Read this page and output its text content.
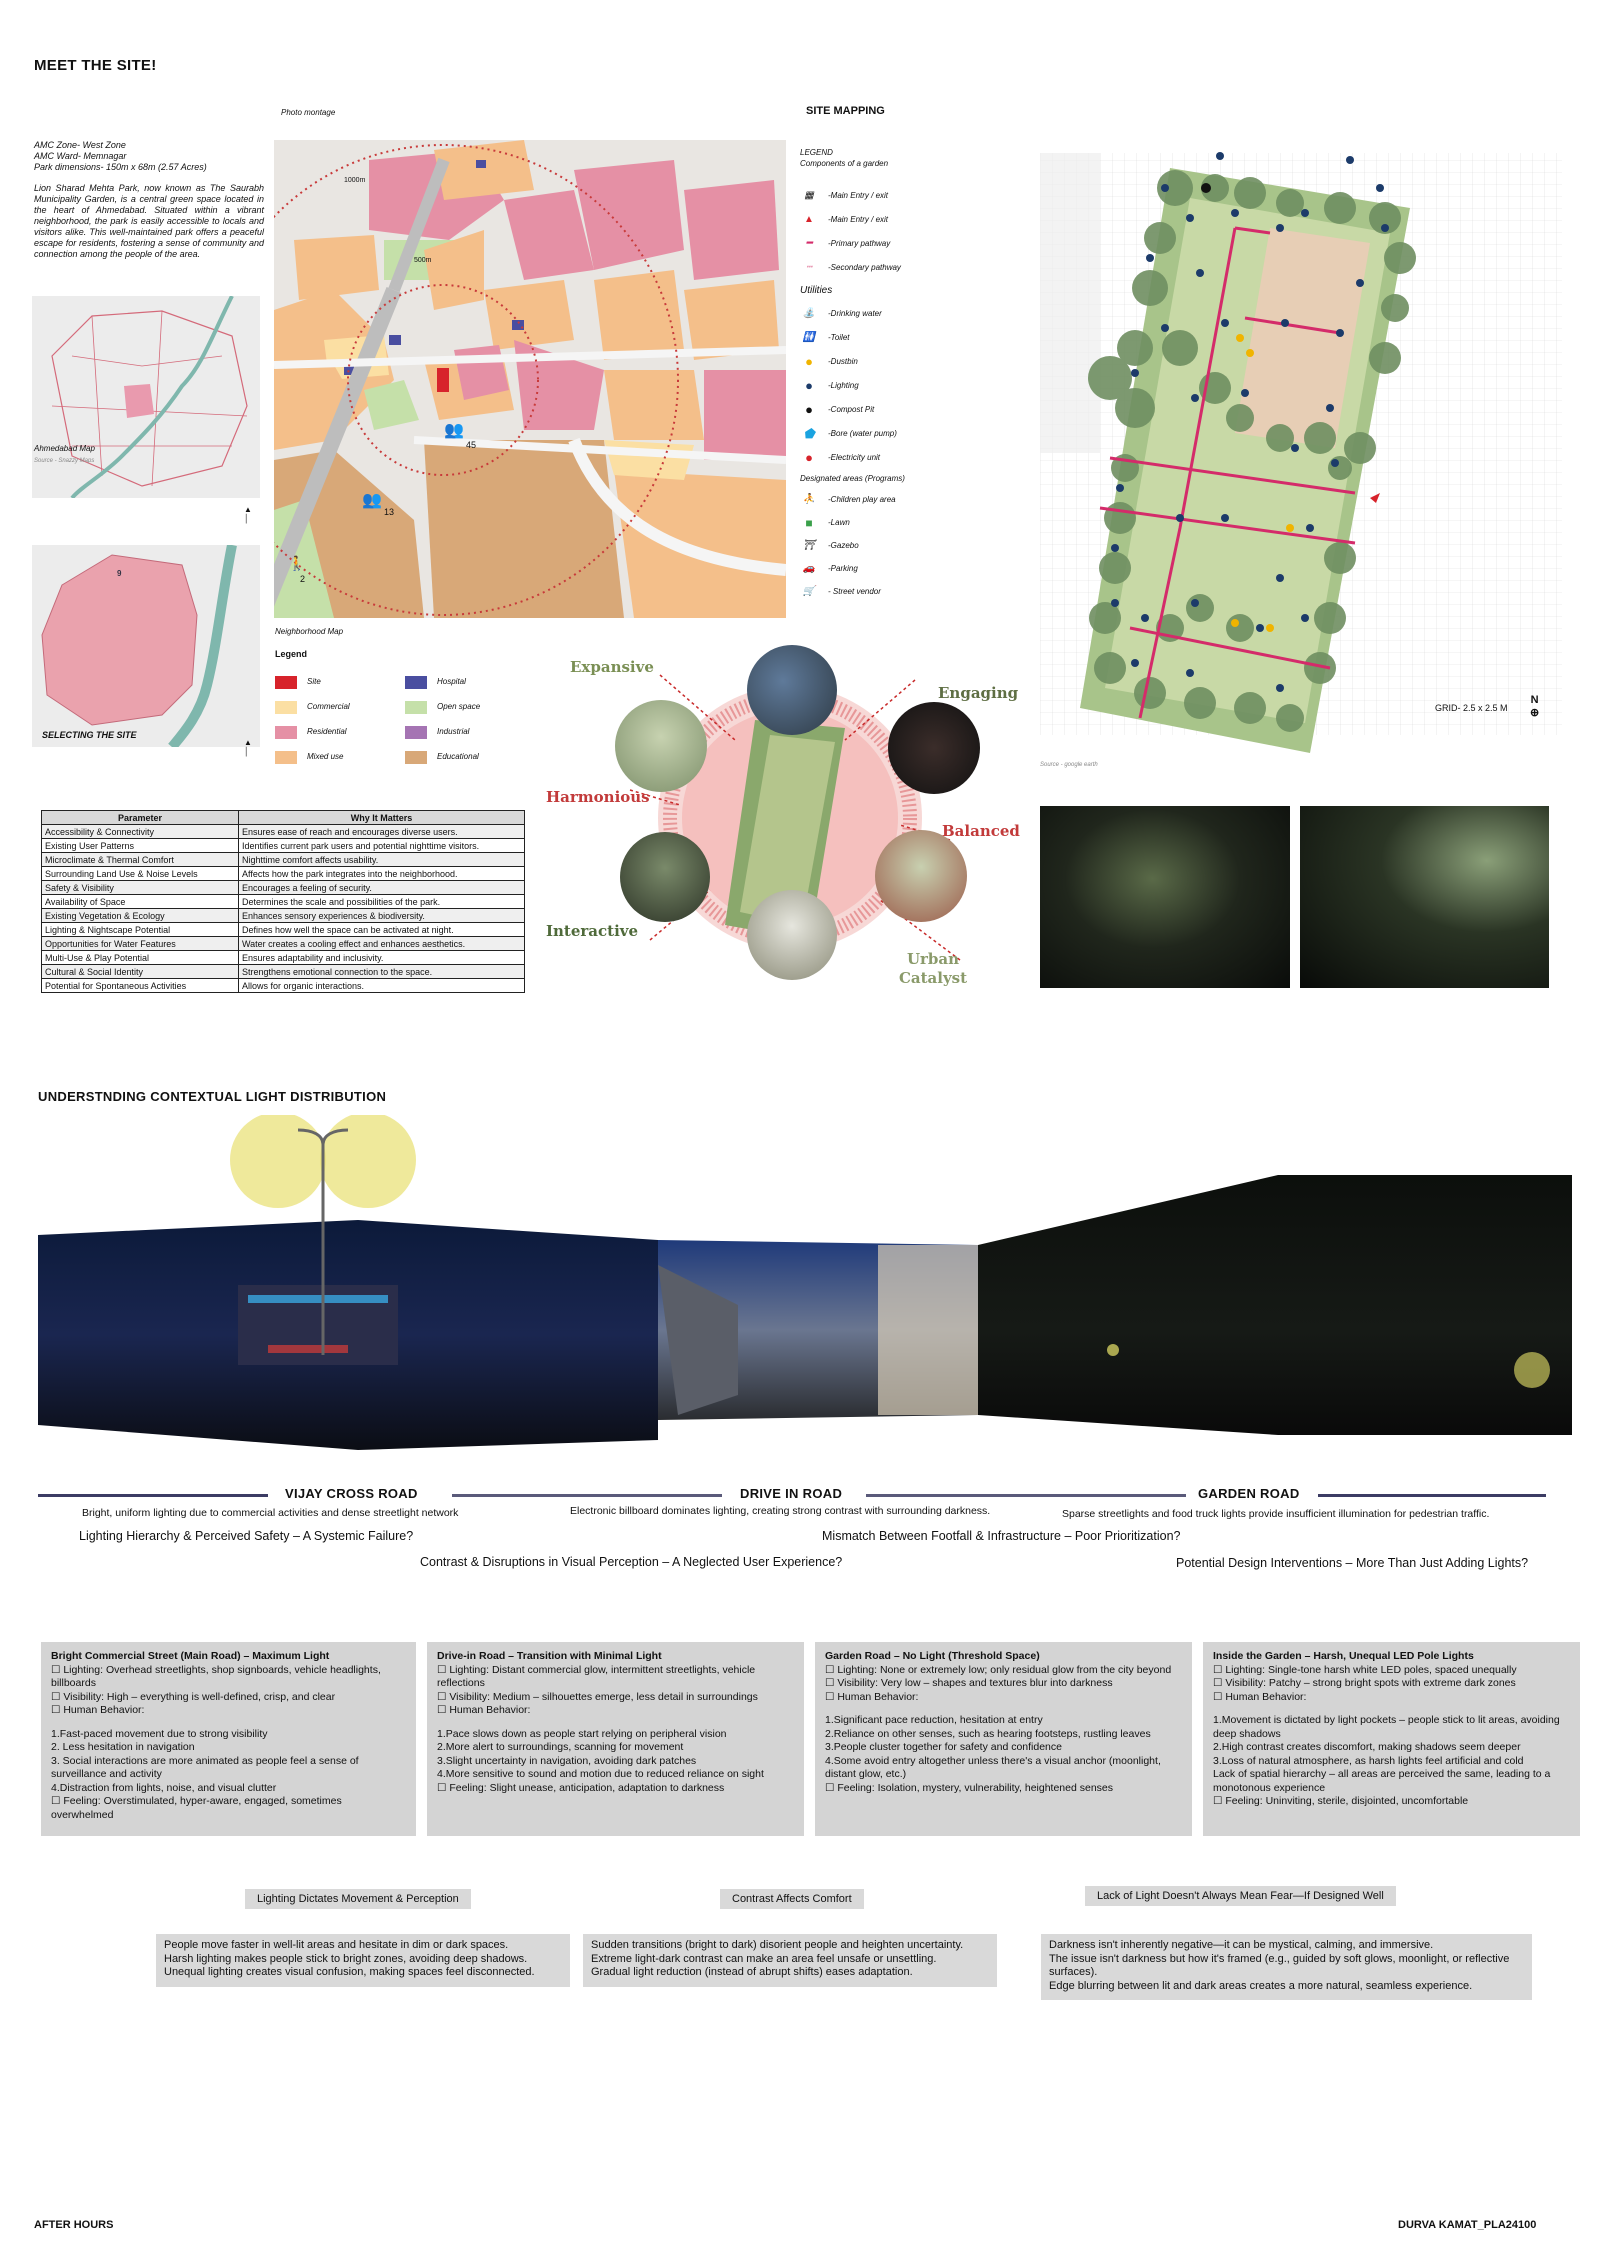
MEET THE SITE!
AMC Zone- West Zone
AMC Ward- Memnagar
Park dimensions- 150m x 68m (2.57 Acres)
Lion Sharad Mehta Park, now known as The Saurabh Municipality Garden, is a central green space located in the heart of Ahmedabad. Situated within a vibrant neighborhood, the park is easily accessible to locals and visitors alike. This well-maintained park offers a peaceful escape for residents, fostering a sense of community and connection among the people of the area.
Ahmedabad Map
Source - Snazzy Maps
▲
│
9
SELECTING THE SITE
▲
│
Photo montage
1000m
500m
👥
45
👥
13
🚶
2
Neighborhood Map
Legend
Site	Hospital
Commercial	Open space
Residential	Industrial
Mixed use	Educational
SITE MAPPING
LEGEND
Components of a garden
▦	-Main Entry / exit
▲	-Main Entry / exit
━	-Primary pathway
┅	-Secondary pathway
Utilities
⛲	-Drinking water
🚻	-Toilet
●	-Dustbin
●	-Lighting
●	-Compost Pit
⬟	-Bore (water pump)
●	-Electricity unit
Designated areas (Programs)
⛹	-Children play area
■	-Lawn
⛩	-Gazebo
🚗	-Parking
🛒	- Street vendor
GRID- 2.5 x 2.5 M
N
⊕
Source - google earth
Expansive
Engaging
Harmonious
Balanced
Interactive
Urban Catalyst
Parameter	Why It Matters
Accessibility & Connectivity	Ensures ease of reach and encourages diverse users.
Existing User Patterns	Identifies current park users and potential nighttime visitors.
Microclimate & Thermal Comfort	Nighttime comfort affects usability.
Surrounding Land Use & Noise Levels	Affects how the park integrates into the neighborhood.
Safety & Visibility	Encourages a feeling of security.
Availability of Space	Determines the scale and possibilities of the park.
Existing Vegetation & Ecology	Enhances sensory experiences & biodiversity.
Lighting & Nightscape Potential	Defines how well the space can be activated at night.
Opportunities for Water Features	Water creates a cooling effect and enhances aesthetics.
Multi-Use & Play Potential	Ensures adaptability and inclusivity.
Cultural & Social Identity	Strengthens emotional connection to the space.
Potential for Spontaneous Activities	Allows for organic interactions.
UNDERSTNDING CONTEXTUAL LIGHT DISTRIBUTION
VIJAY CROSS ROAD	DRIVE IN ROAD	GARDEN ROAD
Bright, uniform lighting due to commercial activities and dense streetlight network	Electronic billboard dominates lighting, creating strong contrast with surrounding darkness.	Sparse streetlights and food truck lights provide insufficient illumination for pedestrian traffic.
Lighting Hierarchy & Perceived Safety – A Systemic Failure?	Mismatch Between Footfall & Infrastructure – Poor Prioritization?
Contrast & Disruptions in Visual Perception – A Neglected User Experience?	Potential Design Interventions – More Than Just Adding Lights?
Bright Commercial Street (Main Road) – Maximum Light
☐ Lighting: Overhead streetlights, shop signboards, vehicle headlights, billboards
☐ Visibility: High – everything is well-defined, crisp, and clear
☐ Human Behavior:
1.Fast-paced movement due to strong visibility
2. Less hesitation in navigation
3. Social interactions are more animated as people feel a sense of surveillance and activity
4.Distraction from lights, noise, and visual clutter
☐ Feeling: Overstimulated, hyper-aware, engaged, sometimes overwhelmed
Drive-in Road – Transition with Minimal Light
☐ Lighting: Distant commercial glow, intermittent streetlights, vehicle reflections
☐ Visibility: Medium – silhouettes emerge, less detail in surroundings
☐ Human Behavior:
1.Pace slows down as people start relying on peripheral vision
2.More alert to surroundings, scanning for movement
3.Slight uncertainty in navigation, avoiding dark patches
4.More sensitive to sound and motion due to reduced reliance on sight
☐ Feeling: Slight unease, anticipation, adaptation to darkness
Garden Road – No Light (Threshold Space)
☐ Lighting: None or extremely low; only residual glow from the city beyond
☐ Visibility: Very low – shapes and textures blur into darkness
☐ Human Behavior:
1.Significant pace reduction, hesitation at entry
2.Reliance on other senses, such as hearing footsteps, rustling leaves
3.People cluster together for safety and confidence
4.Some avoid entry altogether unless there's a visual anchor (moonlight, distant glow, etc.)
☐ Feeling: Isolation, mystery, vulnerability, heightened senses
Inside the Garden – Harsh, Unequal LED Pole Lights
☐ Lighting: Single-tone harsh white LED poles, spaced unequally
☐ Visibility: Patchy – strong bright spots with extreme dark zones
☐ Human Behavior:
1.Movement is dictated by light pockets – people stick to lit areas, avoiding deep shadows
2.High contrast creates discomfort, making shadows seem deeper
3.Loss of natural atmosphere, as harsh lights feel artificial and cold
Lack of spatial hierarchy – all areas are perceived the same, leading to a monotonous experience
☐ Feeling: Uninviting, sterile, disjointed, uncomfortable
Lighting Dictates Movement & Perception	Contrast Affects Comfort	Lack of Light Doesn't Always Mean Fear—If Designed Well
People move faster in well-lit areas and hesitate in dim or dark spaces.
Harsh lighting makes people stick to bright zones, avoiding deep shadows.
Unequal lighting creates visual confusion, making spaces feel disconnected.
Sudden transitions (bright to dark) disorient people and heighten uncertainty.
Extreme light-dark contrast can make an area feel unsafe or unsettling.
Gradual light reduction (instead of abrupt shifts) eases adaptation.
Darkness isn't inherently negative—it can be mystical, calming, and immersive.
The issue isn't darkness but how it's framed (e.g., guided by soft glows, moonlight, or reflective surfaces).
Edge blurring between lit and dark areas creates a more natural, seamless experience.
AFTER HOURS	DURVA KAMAT_PLA24100
